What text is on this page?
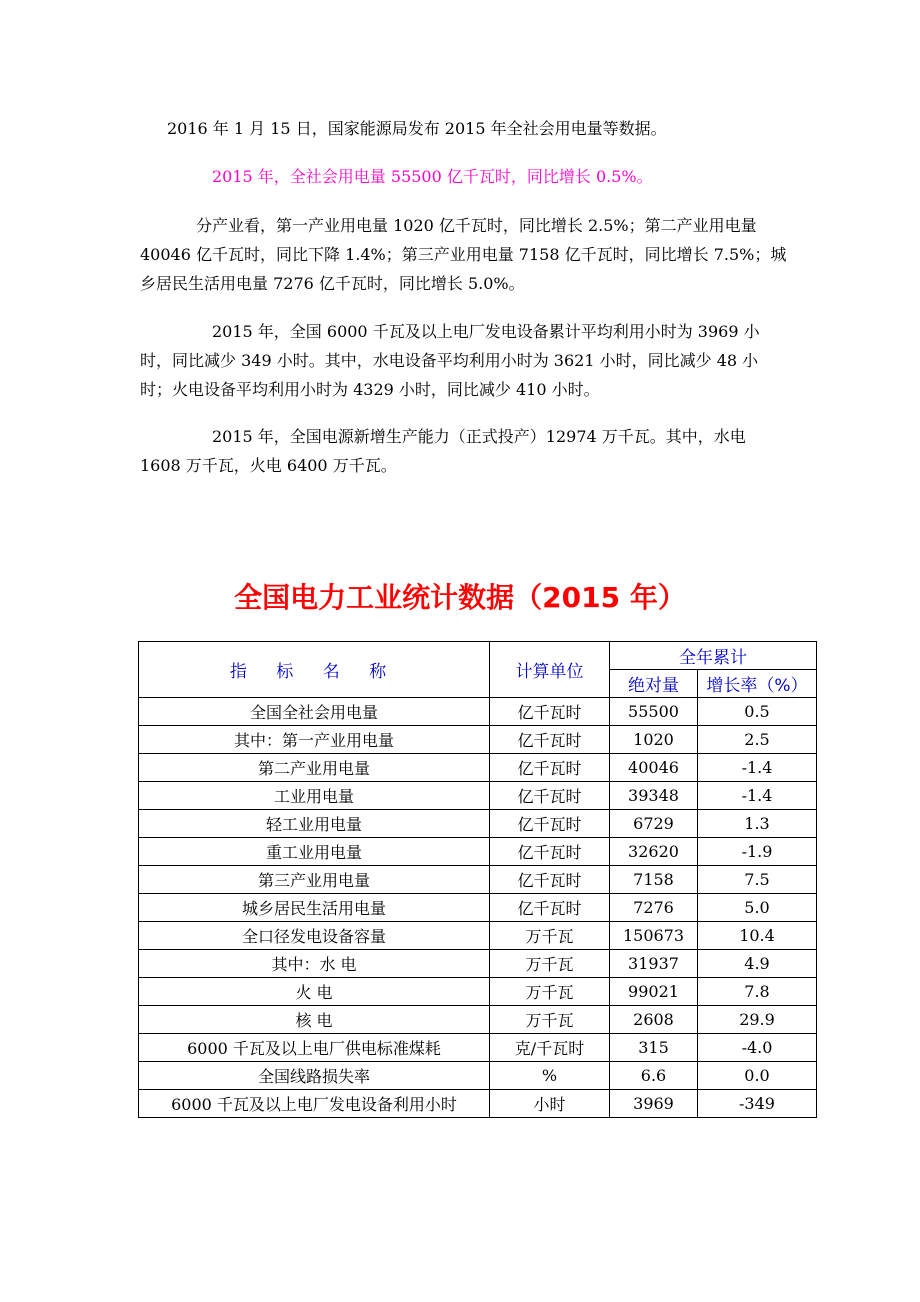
2016 年 1 月 15 日，国家能源局发布 2015 年全社会用电量等数据。

2015 年，全社会用电量 55500 亿千瓦时，同比增长 0.5%。

分产业看，第一产业用电量 1020 亿千瓦时，同比增长 2.5%；第二产业用电量 40046 亿千瓦时，同比下降 1.4%；第三产业用电量 7158 亿千瓦时，同比增长 7.5%；城乡居民生活用电量 7276 亿千瓦时，同比增长 5.0%。

2015 年，全国 6000 千瓦及以上电厂发电设备累计平均利用小时为 3969 小时，同比减少 349 小时。其中，水电设备平均利用小时为 3621 小时，同比减少 48 小时；火电设备平均利用小时为 4329 小时，同比减少 410 小时。

2015 年，全国电源新增生产能力（正式投产）12974 万千瓦。其中，水电 1608 万千瓦，火电 6400 万千瓦。

全国电力工业统计数据（2015 年）
指 标 名 称	计算单位	全年累计	
		绝对量	增长率（%）
全国全社会用电量	亿千瓦时	55500	0.5
其中：第一产业用电量	亿千瓦时	1020	2.5
第二产业用电量	亿千瓦时	40046	-1.4
工业用电量	亿千瓦时	39348	-1.4
轻工业用电量	亿千瓦时	6729	1.3
重工业用电量	亿千瓦时	32620	-1.9
第三产业用电量	亿千瓦时	7158	7.5
城乡居民生活用电量	亿千瓦时	7276	5.0
全口径发电设备容量	万千瓦	150673	10.4
其中：水 电	万千瓦	31937	4.9
火 电	万千瓦	99021	7.8
核 电	万千瓦	2608	29.9
6000 千瓦及以上电厂供电标准煤耗	克/千瓦时	315	-4.0
全国线路损失率	%	6.6	0.0
6000 千瓦及以上电厂发电设备利用小时	小时	3969	-349
